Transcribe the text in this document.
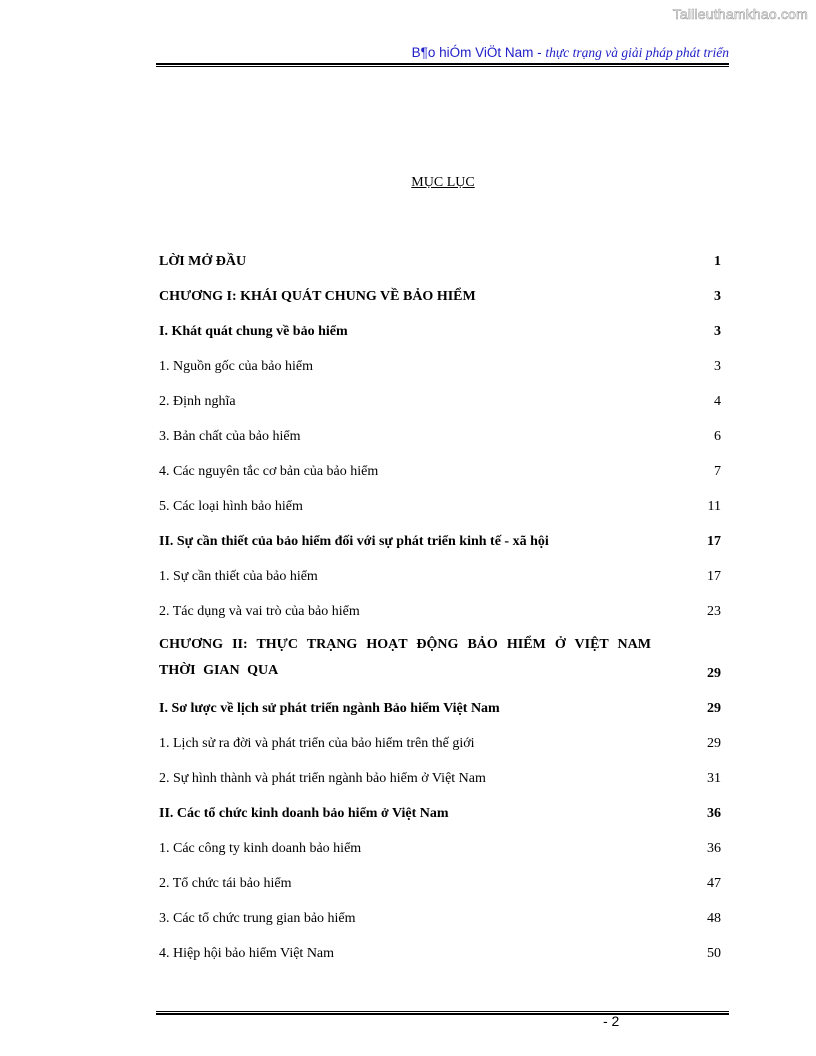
Tailieuthamkhao.com
B¶o hiÓm ViÖt Nam - thực trạng và giải pháp phát triển
MỤC LỤC
LỜI MỞ ĐẦU	1
CHƯƠNG I: KHÁI QUÁT CHUNG VỀ BẢO HIỂM	3
I. Khát quát chung về bảo hiểm	3
1. Nguồn gốc của bảo hiểm	3
2. Định nghĩa	4
3. Bản chất của bảo hiểm	6
4. Các nguyên tắc cơ bản của bảo hiểm	7
5. Các loại hình bảo hiểm	11
II. Sự cần thiết của bảo hiểm đối với sự phát triển kinh tế - xã hội	17
1. Sự cần thiết của bảo hiểm	17
2. Tác dụng và vai trò của bảo hiểm	23
CHƯƠNG II: THỰC TRẠNG HOẠT ĐỘNG BẢO HIỂM Ở VIỆT NAM THỜI GIAN QUA	29
I. Sơ lược về lịch sử phát triển ngành Bảo hiểm Việt Nam	29
1. Lịch sử ra đời và phát triển của bảo hiểm trên thế giới	29
2. Sự hình thành và phát triển ngành bảo hiểm ở Việt Nam	31
II. Các tổ chức kinh doanh bảo hiểm ở Việt Nam	36
1. Các công ty kinh doanh bảo hiểm	36
2. Tổ chức tái bảo hiểm	47
3. Các tổ chức trung gian bảo hiểm	48
4. Hiệp hội bảo hiểm Việt Nam	50
- 2
